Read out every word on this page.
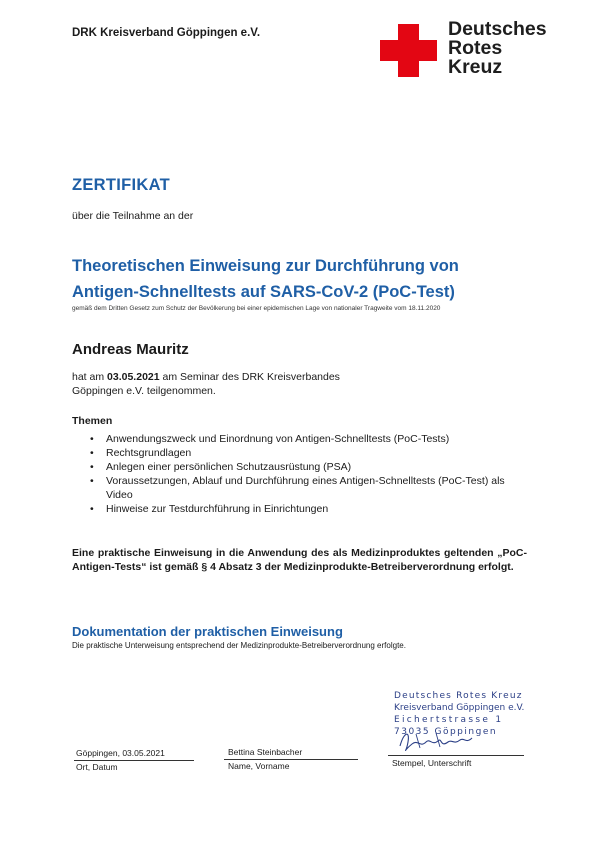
DRK Kreisverband Göppingen e.V.	Deutsches
Rotes
Kreuz
ZERTIFIKAT
über die Teilnahme an der
Theoretischen Einweisung zur Durchführung von
Antigen-Schnelltests auf SARS-CoV-2 (PoC-Test)
gemäß dem Dritten Gesetz zum Schutz der Bevölkerung bei einer epidemischen Lage von nationaler Tragweite vom 18.11.2020
Andreas Mauritz
hat am 03.05.2021 am Seminar des DRK Kreisverbandes Göppingen e.V. teilgenommen.
Themen
• Anwendungszweck und Einordnung von Antigen-Schnelltests (PoC-Tests)
• Rechtsgrundlagen
• Anlegen einer persönlichen Schutzausrüstung (PSA)
• Voraussetzungen, Ablauf und Durchführung eines Antigen-Schnelltests (PoC-Test) als Video
• Hinweise zur Testdurchführung in Einrichtungen
Eine praktische Einweisung in die Anwendung des als Medizinproduktes geltenden „PoC-Antigen-Tests“ ist gemäß § 4 Absatz 3 der Medizinprodukte-Betreiberverordnung erfolgt.
Dokumentation der praktischen Einweisung
Die praktische Unterweisung entsprechend der Medizinprodukte-Betreiberverordnung erfolgte.
Deutsches Rotes Kreuz
Kreisverband Göppingen e.V.
Eichertstrasse 1
73035 Göppingen
Göppingen, 03.05.2021
Ort, Datum
Bettina Steinbacher
Name, Vorname	Stempel, Unterschrift
